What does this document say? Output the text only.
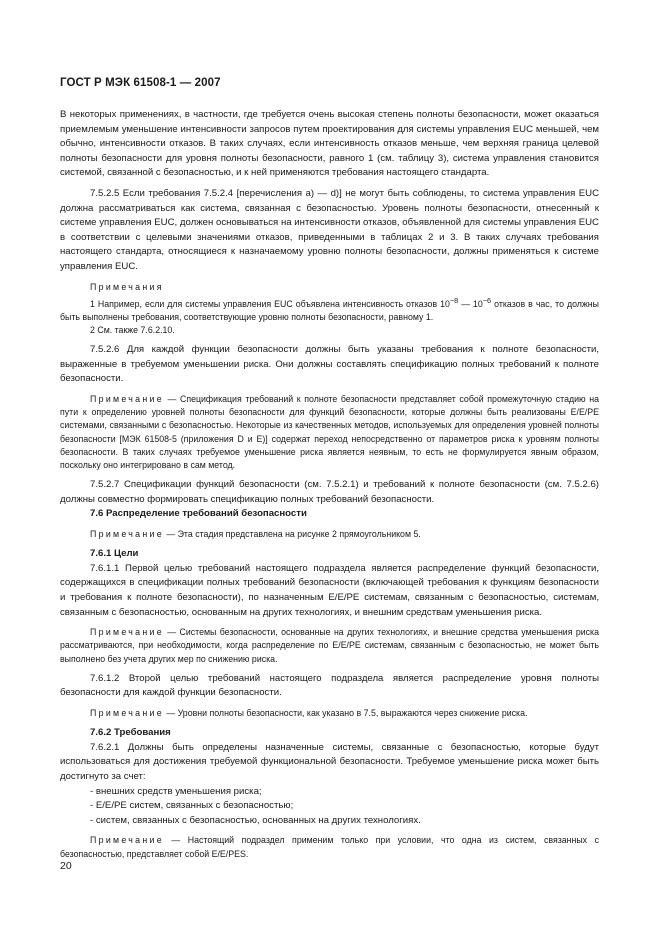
ГОСТ Р МЭК 61508-1 — 2007

В некоторых применениях, в частности, где требуется очень высокая степень полноты безопасности, может оказаться приемлемым уменьшение интенсивности запросов путем проектирования для системы управления EUC меньшей, чем обычно, интенсивности отказов. В таких случаях, если интенсивность отказов меньше, чем верхняя граница целевой полноты безопасности для уровня полноты безопасности, равного 1 (см. таблицу 3), система управления становится системой, связанной с безопасностью, и к ней применяются требования настоящего стандарта.

7.5.2.5 Если требования 7.5.2.4 [перечисления а) — d)] не могут быть соблюдены, то система управления EUC должна рассматриваться как система, связанная с безопасностью. Уровень полноты безопасности, отнесенный к системе управления EUC, должен основываться на интенсивности отказов, объявленной для системы управления EUC в соответствии с целевыми значениями отказов, приведенными в таблицах 2 и 3. В таких случаях требования настоящего стандарта, относящиеся к назначаемому уровню полноты безопасности, должны применяться к системе управления EUC.

Примечания

1 Например, если для системы управления EUC объявлена интенсивность отказов $10^{-8}$ — $10^{-6}$ отказов в час, то должны быть выполнены требования, соответствующие уровню полноты безопасности, равному 1.

2 См. также 7.6.2.10.

7.5.2.6 Для каждой функции безопасности должны быть указаны требования к полноте безопасности, выраженные в требуемом уменьшении риска. Они должны составлять спецификацию полных требований к полноте безопасности.

Примечание — Спецификация требований к полноте безопасности представляет собой промежуточную стадию на пути к определению уровней полноты безопасности для функций безопасности, которые должны быть реализованы E/E/PE системами, связанными с безопасностью. Некоторые из качественных методов, используемых для определения уровней полноты безопасности [МЭК 61508-5 (приложения D и E)] содержат переход непосредственно от параметров риска к уровням полноты безопасности. В таких случаях требуемое уменьшение риска является неявным, то есть не формулируется явным образом, поскольку оно интегрировано в сам метод.

7.5.2.7 Спецификации функций безопасности (см. 7.5.2.1) и требований к полноте безопасности (см. 7.5.2.6) должны совместно формировать спецификацию полных требований безопасности.

7.6 Распределение требований безопасности

Примечание — Эта стадия представлена на рисунке 2 прямоугольником 5.

7.6.1 Цели

7.6.1.1 Первой целью требований настоящего подраздела является распределение функций безопасности, содержащихся в спецификации полных требований безопасности (включающей требования к функциям безопасности и требования к полноте безопасности), по назначенным E/E/PE системам, связанным с безопасностью, системам, связанным с безопасностью, основанным на других технологиях, и внешним средствам уменьшения риска.

Примечание — Системы безопасности, основанные на других технологиях, и внешние средства уменьшения риска рассматриваются, при необходимости, когда распределение по E/E/PE системам, связанным с безопасностью, не может быть выполнено без учета других мер по снижению риска.

7.6.1.2 Второй целью требований настоящего подраздела является распределение уровня полноты безопасности для каждой функции безопасности.

Примечание — Уровни полноты безопасности, как указано в 7.5, выражаются через снижение риска.

7.6.2 Требования

7.6.2.1 Должны быть определены назначенные системы, связанные с безопасностью, которые будут использоваться для достижения требуемой функциональной безопасности. Требуемое уменьшение риска может быть достигнуто за счет:

- внешних средств уменьшения риска;

- E/E/PE систем, связанных с безопасностью;

- систем, связанных с безопасностью, основанных на других технологиях.

Примечание — Настоящий подраздел применим только при условии, что одна из систем, связанных с безопасностью, представляет собой E/E/PES.

20
